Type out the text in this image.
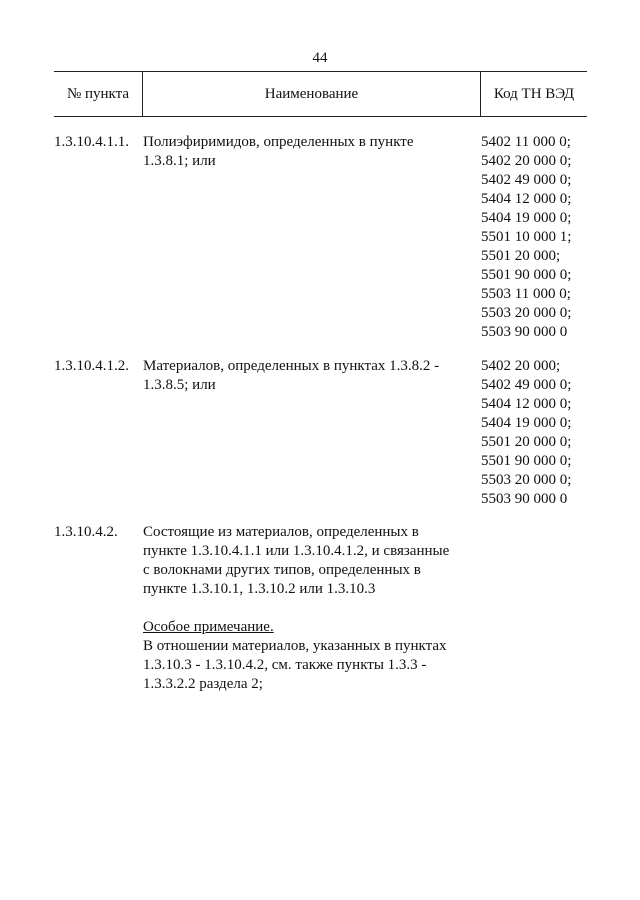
44
№ пункта	Наименование	Код ТН ВЭД
1.3.10.4.1.1. Полиэфиримидов, определенных в пункте
1.3.8.1; или
5402 11 000 0;
5402 20 000 0;
5402 49 000 0;
5404 12 000 0;
5404 19 000 0;
5501 10 000 1;
5501 20 000;
5501 90 000 0;
5503 11 000 0;
5503 20 000 0;
5503 90 000 0
1.3.10.4.1.2. Материалов, определенных в пунктах 1.3.8.2 -
1.3.8.5; или
5402 20 000;
5402 49 000 0;
5404 12 000 0;
5404 19 000 0;
5501 20 000 0;
5501 90 000 0;
5503 20 000 0;
5503 90 000 0
1.3.10.4.2. Состоящие из материалов, определенных в
пункте 1.3.10.4.1.1 или 1.3.10.4.1.2, и связанные
с волокнами других типов, определенных в
пункте 1.3.10.1, 1.3.10.2 или 1.3.10.3
Особое примечание.
В отношении материалов, указанных в пунктах
1.3.10.3 - 1.3.10.4.2, см. также пункты 1.3.3 -
1.3.3.2.2 раздела 2;
